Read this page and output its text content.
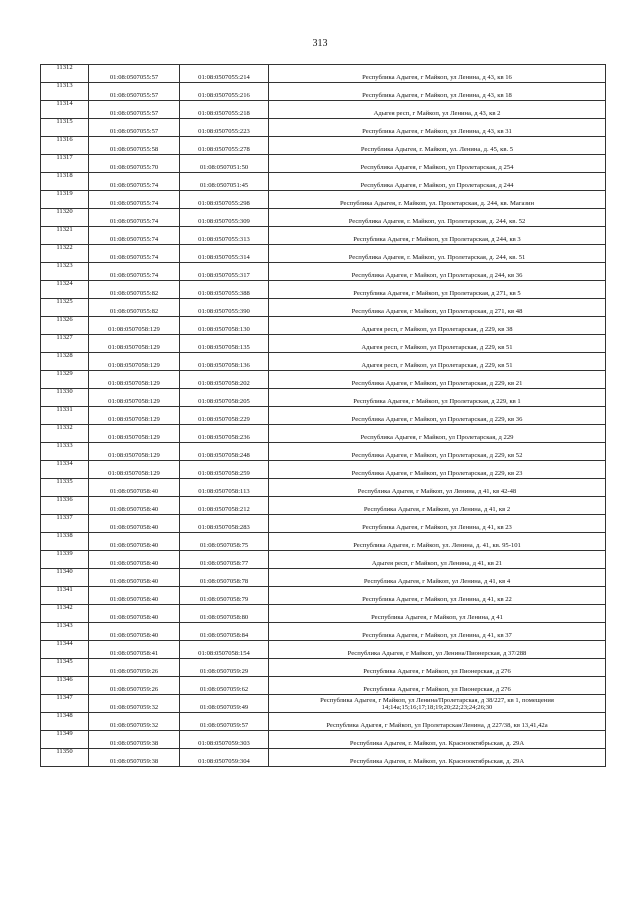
313
11312	01:08:0507055:57	01:08:0507055:214	Республика Адыгея, г Майкоп, ул Ленина, д 43, кв 16
11313	01:08:0507055:57	01:08:0507055:216	Республика Адыгея, г Майкоп, ул Ленина, д 43, кв 18
11314	01:08:0507055:57	01:08:0507055:218	Адыгея респ, г Майкоп, ул Ленина, д 43, кв 2
11315	01:08:0507055:57	01:08:0507055:223	Республика Адыгея, г Майкоп, ул Ленина, д 43, кв 31
11316	01:08:0507055:58	01:08:0507055:278	Республика Адыгея, г. Майкоп, ул. Ленина, д. 45, кв. 5
11317	01:08:0507055:70	01:08:0507051:50	Республика Адыгея, г Майкоп, ул Пролетарская, д 254
11318	01:08:0507055:74	01:08:0507051:45	Республика Адыгея, г Майкоп, ул Пролетарская, д 244
11319	01:08:0507055:74	01:08:0507055:298	Республика Адыгея, г. Майкоп, ул. Пролетарская, д. 244, кв. Магазин
11320	01:08:0507055:74	01:08:0507055:309	Республика Адыгея, г. Майкоп, ул. Пролетарская, д. 244, кв. 52
11321	01:08:0507055:74	01:08:0507055:313	Республика Адыгея, г Майкоп, ул Пролетарская, д 244, кв 3
11322	01:08:0507055:74	01:08:0507055:314	Республика Адыгея, г. Майкоп, ул. Пролетарская, д. 244, кв. 51
11323	01:08:0507055:74	01:08:0507055:317	Республика Адыгея, г Майкоп, ул Пролетарская, д 244, кв 36
11324	01:08:0507055:82	01:08:0507055:388	Республика Адыгея, г Майкоп, ул Пролетарская, д 271, кв 5
11325	01:08:0507055:82	01:08:0507055:390	Республика Адыгея, г Майкоп, ул Пролетарская, д 271, кв 48
11326	01:08:0507058:129	01:08:0507058:130	Адыгея респ, г Майкоп, ул Пролетарская, д 229, кв 38
11327	01:08:0507058:129	01:08:0507058:135	Адыгея респ, г Майкоп, ул Пролетарская, д 229, кв 51
11328	01:08:0507058:129	01:08:0507058:136	Адыгея респ, г Майкоп, ул Пролетарская, д 229, кв 51
11329	01:08:0507058:129	01:08:0507058:202	Республика Адыгея, г Майкоп, ул Пролетарская, д 229, кв 21
11330	01:08:0507058:129	01:08:0507058:205	Республика Адыгея, г Майкоп, ул Пролетарская, д 229, кв 1
11331	01:08:0507058:129	01:08:0507058:229	Республика Адыгея, г Майкоп, ул Пролетарская, д 229, кв 36
11332	01:08:0507058:129	01:08:0507058:236	Республика Адыгея, г Майкоп, ул Пролетарская, д 229
11333	01:08:0507058:129	01:08:0507058:248	Республика Адыгея, г Майкоп, ул Пролетарская, д 229, кв 52
11334	01:08:0507058:129	01:08:0507058:259	Республика Адыгея, г Майкоп, ул Пролетарская, д 229, кв 23
11335	01:08:0507058:40	01:08:0507058:113	Республика Адыгея, г Майкоп, ул Ленина, д 41, кв 42-48
11336	01:08:0507058:40	01:08:0507058:212	Республика Адыгея, г Майкоп, ул Ленина, д 41, кв 2
11337	01:08:0507058:40	01:08:0507058:283	Республика Адыгея, г Майкоп, ул Ленина, д 41, кв 23
11338	01:08:0507058:40	01:08:0507058:75	Республика Адыгея, г. Майкоп, ул. Ленина, д. 41, кв. 95-101
11339	01:08:0507058:40	01:08:0507058:77	Адыгея респ, г Майкоп, ул Ленина, д 41, кв 21
11340	01:08:0507058:40	01:08:0507058:78	Республика Адыгея, г Майкоп, ул Ленина, д 41, кв 4
11341	01:08:0507058:40	01:08:0507058:79	Республика Адыгея, г Майкоп, ул Ленина, д 41, кв 22
11342	01:08:0507058:40	01:08:0507058:80	Республика Адыгея, г Майкоп, ул Ленина, д 41
11343	01:08:0507058:40	01:08:0507058:84	Республика Адыгея, г Майкоп, ул Ленина, д 41, кв 37
11344	01:08:0507058:41	01:08:0507058:154	Республика Адыгея, г Майкоп, ул Ленина/Пионерская, д 37/288
11345	01:08:0507059:26	01:08:0507059:29	Республика Адыгея, г Майкоп, ул Пионерская, д 276
11346	01:08:0507059:26	01:08:0507059:62	Республика Адыгея, г Майкоп, ул Пионерская, д 276
11347	01:08:0507059:32	01:08:0507059:49	Республика Адыгея, г Майкоп, ул Ленина/Пролетарская, д 38/227, кв 1, помещения 14;14а;15;16;17;18;19;20;22;23;24;26;30
11348	01:08:0507059:32	01:08:0507059:57	Республика Адыгея, г Майкоп, ул Пролетарская/Ленина, д 227/38, кв 13,41,42а
11349	01:08:0507059:38	01:08:0507059:303	Республика Адыгея, г. Майкоп, ул. Краснооктябрьская, д. 29А
11350	01:08:0507059:38	01:08:0507059:304	Республика Адыгея, г. Майкоп, ул. Краснооктябрьская, д. 29А
